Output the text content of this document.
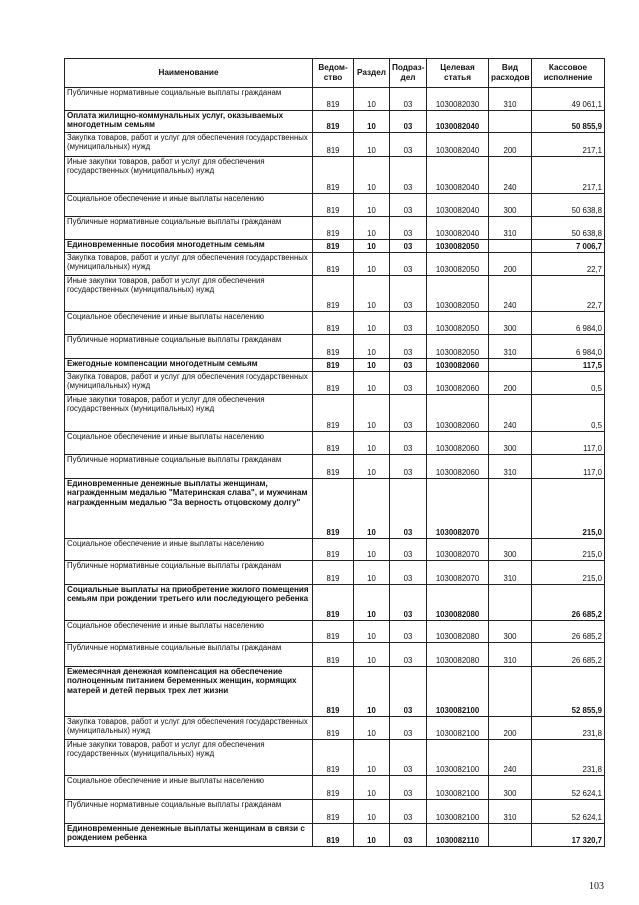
Наименование	Ведом-ство	Раздел	Подраз-дел	Целевая статья	Вид расходов	Кассовое исполнение
Публичные нормативные социальные выплаты гражданам	819	10	03	1030082030	310	49 061,1
Оплата жилищно-коммунальных услуг, оказываемых многодетным семьям	819	10	03	1030082040		50 855,9
Закупка товаров, работ и услуг для обеспечения государственных (муниципальных) нужд	819	10	03	1030082040	200	217,1
Иные закупки товаров, работ и услуг для обеспечения государственных (муниципальных) нужд	819	10	03	1030082040	240	217,1
Социальное обеспечение и иные выплаты населению	819	10	03	1030082040	300	50 638,8
Публичные нормативные социальные выплаты гражданам	819	10	03	1030082040	310	50 638,8
Единовременные пособия многодетным семьям	819	10	03	1030082050		7 006,7
Закупка товаров, работ и услуг для обеспечения государственных (муниципальных) нужд	819	10	03	1030082050	200	22,7
Иные закупки товаров, работ и услуг для обеспечения государственных (муниципальных) нужд	819	10	03	1030082050	240	22,7
Социальное обеспечение и иные выплаты населению	819	10	03	1030082050	300	6 984,0
Публичные нормативные социальные выплаты гражданам	819	10	03	1030082050	310	6 984,0
Ежегодные компенсации многодетным семьям	819	10	03	1030082060		117,5
Закупка товаров, работ и услуг для обеспечения государственных (муниципальных) нужд	819	10	03	1030082060	200	0,5
Иные закупки товаров, работ и услуг для обеспечения государственных (муниципальных) нужд	819	10	03	1030082060	240	0,5
Социальное обеспечение и иные выплаты населению	819	10	03	1030082060	300	117,0
Публичные нормативные социальные выплаты гражданам	819	10	03	1030082060	310	117,0
Единовременные денежные выплаты женщинам, награжденным медалью "Материнская слава", и мужчинам награжденным медалью "За верность отцовскому долгу"	819	10	03	1030082070		215,0
Социальное обеспечение и иные выплаты населению	819	10	03	1030082070	300	215,0
Публичные нормативные социальные выплаты гражданам	819	10	03	1030082070	310	215,0
Социальные выплаты на приобретение жилого помещения семьям при рождении третьего или последующего ребенка	819	10	03	1030082080		26 685,2
Социальное обеспечение и иные выплаты населению	819	10	03	1030082080	300	26 685,2
Публичные нормативные социальные выплаты гражданам	819	10	03	1030082080	310	26 685,2
Ежемесячная денежная компенсация на обеспечение полноценным питанием беременных женщин, кормящих матерей и детей первых трех лет жизни	819	10	03	1030082100		52 855,9
Закупка товаров, работ и услуг для обеспечения государственных (муниципальных) нужд	819	10	03	1030082100	200	231,8
Иные закупки товаров, работ и услуг для обеспечения государственных (муниципальных) нужд	819	10	03	1030082100	240	231,8
Социальное обеспечение и иные выплаты населению	819	10	03	1030082100	300	52 624,1
Публичные нормативные социальные выплаты гражданам	819	10	03	1030082100	310	52 624,1
Единовременные денежные выплаты женщинам в связи с рождением ребенка	819	10	03	1030082110		17 320,7
103
